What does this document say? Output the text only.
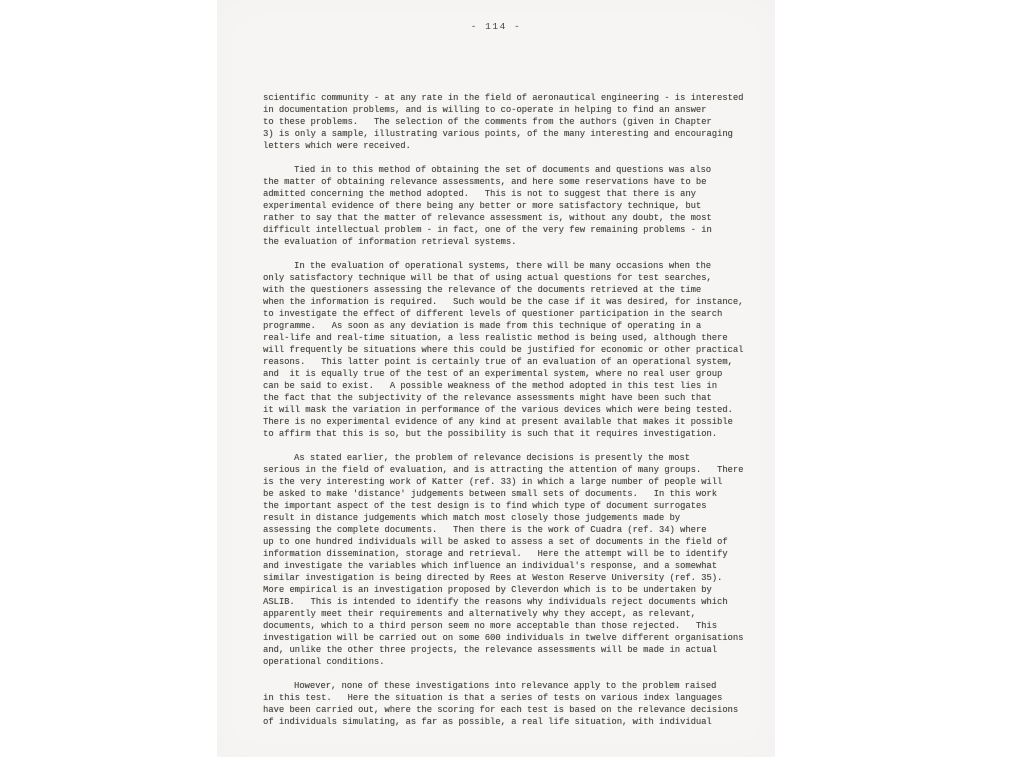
- 114 -
scientific community - at any rate in the field of aeronautical engineering - is interested
in documentation problems, and is willing to co-operate in helping to find an answer
to these problems.   The selection of the comments from the authors (given in Chapter
3) is only a sample, illustrating various points, of the many interesting and encouraging
letters which were received.
Tied in to this method of obtaining the set of documents and questions was also
the matter of obtaining relevance assessments, and here some reservations have to be
admitted concerning the method adopted.   This is not to suggest that there is any
experimental evidence of there being any better or more satisfactory technique, but
rather to say that the matter of relevance assessment is, without any doubt, the most
difficult intellectual problem - in fact, one of the very few remaining problems - in
the evaluation of information retrieval systems.
In the evaluation of operational systems, there will be many occasions when the
only satisfactory technique will be that of using actual questions for test searches,
with the questioners assessing the relevance of the documents retrieved at the time
when the information is required.   Such would be the case if it was desired, for instance,
to investigate the effect of different levels of questioner participation in the search
programme.   As soon as any deviation is made from this technique of operating in a
real-life and real-time situation, a less realistic method is being used, although there
will frequently be situations where this could be justified for economic or other practical
reasons.   This latter point is certainly true of an evaluation of an operational system,
and  it is equally true of the test of an experimental system, where no real user group
can be said to exist.   A possible weakness of the method adopted in this test lies in
the fact that the subjectivity of the relevance assessments might have been such that
it will mask the variation in performance of the various devices which were being tested.
There is no experimental evidence of any kind at present available that makes it possible
to affirm that this is so, but the possibility is such that it requires investigation.
As stated earlier, the problem of relevance decisions is presently the most
serious in the field of evaluation, and is attracting the attention of many groups.   There
is the very interesting work of Katter (ref. 33) in which a large number of people will
be asked to make 'distance' judgements between small sets of documents.   In this work
the important aspect of the test design is to find which type of document surrogates
result in distance judgements which match most closely those judgements made by
assessing the complete documents.   Then there is the work of Cuadra (ref. 34) where
up to one hundred individuals will be asked to assess a set of documents in the field of
information dissemination, storage and retrieval.   Here the attempt will be to identify
and investigate the variables which influence an individual's response, and a somewhat
similar investigation is being directed by Rees at Weston Reserve University (ref. 35).
More empirical is an investigation proposed by Cleverdon which is to be undertaken by
ASLIB.   This is intended to identify the reasons why individuals reject documents which
apparently meet their requirements and alternatively why they accept, as relevant,
documents, which to a third person seem no more acceptable than those rejected.   This
investigation will be carried out on some 600 individuals in twelve different organisations
and, unlike the other three projects, the relevance assessments will be made in actual
operational conditions.
However, none of these investigations into relevance apply to the problem raised
in this test.   Here the situation is that a series of tests on various index languages
have been carried out, where the scoring for each test is based on the relevance decisions
of individuals simulating, as far as possible, a real life situation, with individual
